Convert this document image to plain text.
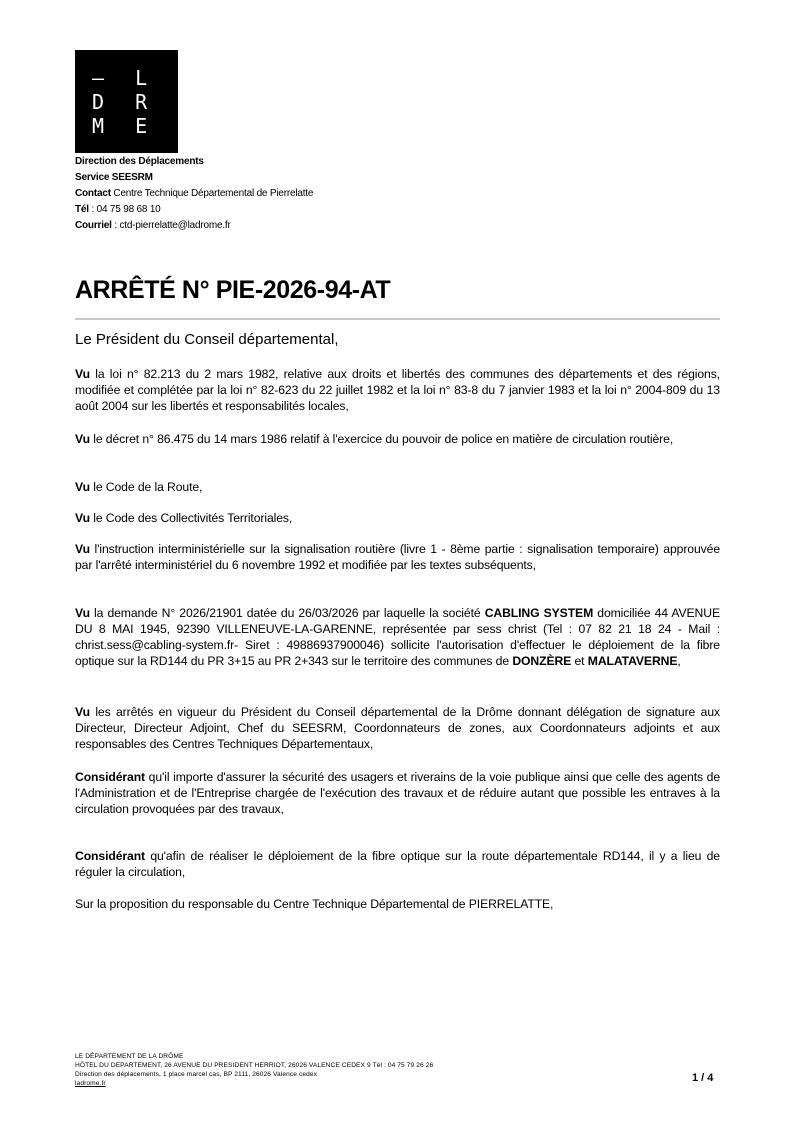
— L A
D R O
M E —
Direction des Déplacements
Service SEESRM
Contact Centre Technique Départemental de Pierrelatte
Tél : 04 75 98 68 10
Courriel : ctd-pierrelatte@ladrome.fr
ARRÊTÉ N° PIE-2026-94-AT

Le Président du Conseil départemental,

Vu la loi n° 82.213 du 2 mars 1982, relative aux droits et libertés des communes des départements et des régions, modifiée et complétée par la loi n° 82-623 du 22 juillet 1982 et la loi n° 83-8 du 7 janvier 1983 et la loi n° 2004-809 du 13 août 2004 sur les libertés et responsabilités locales,

Vu le décret n° 86.475 du 14 mars 1986 relatif à l'exercice du pouvoir de police en matière de circulation routière,

Vu le Code de la Route,

Vu le Code des Collectivités Territoriales,

Vu l'instruction interministérielle sur la signalisation routière (livre 1 - 8ème partie : signalisation temporaire) approuvée par l'arrêté interministériel du 6 novembre 1992 et modifiée par les textes subséquents,

Vu la demande N° 2026/21901 datée du 26/03/2026 par laquelle la société CABLING SYSTEM domiciliée 44 AVENUE DU 8 MAI 1945, 92390 VILLENEUVE-LA-GARENNE, représentée par sess christ (Tel : 07 82 21 18 24 - Mail : christ.sess@cabling-system.fr- Siret : 49886937900046) sollicite l'autorisation d'effectuer le déploiement de la fibre optique sur la RD144 du PR 3+15 au PR 2+343 sur le territoire des communes de DONZÈRE et MALATAVERNE,

Vu les arrêtés en vigueur du Président du Conseil départemental de la Drôme donnant délégation de signature aux Directeur, Directeur Adjoint, Chef du SEESRM, Coordonnateurs de zones, aux Coordonnateurs adjoints et aux responsables des Centres Techniques Départementaux,

Considérant qu'il importe d'assurer la sécurité des usagers et riverains de la voie publique ainsi que celle des agents de l'Administration et de l'Entreprise chargée de l'exécution des travaux et de réduire autant que possible les entraves à la circulation provoquées par des travaux,

Considérant qu'afin de réaliser le déploiement de la fibre optique sur la route départementale RD144, il y a lieu de réguler la circulation,

Sur la proposition du responsable du Centre Technique Départemental de PIERRELATTE,

LE DÉPARTEMENT DE LA DRÔME
HÔTEL DU DEPARTEMENT, 26 AVENUE DU PRESIDENT HERRIOT, 26026 VALENCE CEDEX 9 Tél : 04 75 79 26 26
Direction des déplacements, 1 place marcel cas, BP 2111, 26026 Valence cedex
ladrome.fr	1 / 4
